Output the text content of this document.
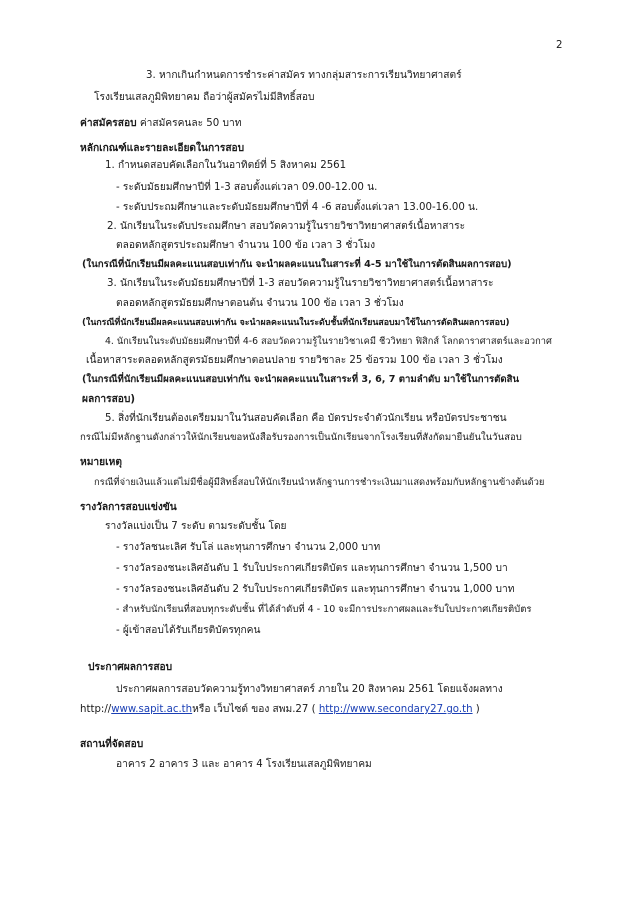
2
3. หากเกินกำหนดการชำระค่าสมัคร ทางกลุ่มสาระการเรียนวิทยาศาสตร์
โรงเรียนเสลภูมิพิทยาคม ถือว่าผู้สมัครไม่มีสิทธิ์สอบ
ค่าสมัครสอบ ค่าสมัครคนละ 50 บาท
หลักเกณฑ์และรายละเอียดในการสอบ
1. กำหนดสอบคัดเลือกในวันอาทิตย์ที่ 5 สิงหาคม 2561
- ระดับมัธยมศึกษาปีที่ 1-3 สอบตั้งแต่เวลา 09.00-12.00 น.
- ระดับประถมศึกษาและระดับมัธยมศึกษาปีที่ 4 -6 สอบตั้งแต่เวลา 13.00-16.00 น.
2. นักเรียนในระดับประถมศึกษา สอบวัดความรู้ในรายวิชาวิทยาศาสตร์เนื้อหาสาระ
ตลอดหลักสูตรประถมศึกษา จำนวน 100 ข้อ เวลา 3 ชั่วโมง
(ในกรณีที่นักเรียนมีผลคะแนนสอบเท่ากัน จะนำผลคะแนนในสาระที่ 4-5 มาใช้ในการตัดสินผลการสอบ)
3. นักเรียนในระดับมัธยมศึกษาปีที่ 1-3 สอบวัดความรู้ในรายวิชาวิทยาศาสตร์เนื้อหาสาระ
ตลอดหลักสูตรมัธยมศึกษาตอนต้น จำนวน 100 ข้อ เวลา 3 ชั่วโมง
(ในกรณีที่นักเรียนมีผลคะแนนสอบเท่ากัน จะนำผลคะแนนในระดับชั้นที่นักเรียนสอบมาใช้ในการตัดสินผลการสอบ)
4. นักเรียนในระดับมัธยมศึกษาปีที่ 4-6 สอบวัดความรู้ในรายวิชาเคมี ชีววิทยา ฟิสิกส์ โลกดาราศาสตร์และอวกาศ
เนื้อหาสาระตลอดหลักสูตรมัธยมศึกษาตอนปลาย รายวิชาละ 25 ข้อรวม 100 ข้อ เวลา 3 ชั่วโมง
(ในกรณีที่นักเรียนมีผลคะแนนสอบเท่ากัน จะนำผลคะแนนในสาระที่ 3, 6, 7 ตามลำดับ มาใช้ในการตัดสิน
ผลการสอบ)
5. สิ่งที่นักเรียนต้องเตรียมมาในวันสอบคัดเลือก คือ บัตรประจำตัวนักเรียน หรือบัตรประชาชน
กรณีไม่มีหลักฐานดังกล่าวให้นักเรียนขอหนังสือรับรองการเป็นนักเรียนจากโรงเรียนที่สังกัดมายืนยันในวันสอบ
หมายเหตุ
กรณีที่จ่ายเงินแล้วแต่ไม่มีชื่อผู้มีสิทธิ์สอบให้นักเรียนนำหลักฐานการชำระเงินมาแสดงพร้อมกับหลักฐานข้างต้นด้วย
รางวัลการสอบแข่งขัน
รางวัลแบ่งเป็น 7 ระดับ ตามระดับชั้น โดย
- รางวัลชนะเลิศ รับโล่ และทุนการศึกษา จำนวน 2,000 บาท
- รางวัลรองชนะเลิศอันดับ 1 รับใบประกาศเกียรติบัตร และทุนการศึกษา จำนวน 1,500 บา
- รางวัลรองชนะเลิศอันดับ 2 รับใบประกาศเกียรติบัตร และทุนการศึกษา จำนวน 1,000 บาท
- สำหรับนักเรียนที่สอบทุกระดับชั้น ที่ได้ลำดับที่ 4 - 10 จะมีการประกาศผลและรับใบประกาศเกียรติบัตร
- ผู้เข้าสอบได้รับเกียรติบัตรทุกคน
ประกาศผลการสอบ
ประกาศผลการสอบวัดความรู้ทางวิทยาศาสตร์ ภายใน 20 สิงหาคม 2561 โดยแจ้งผลทาง
http://www.sapit.ac.thหรือ เว็บไซต์ ของ สพม.27 ( http://www.secondary27.go.th )
สถานที่จัดสอบ
อาคาร 2 อาคาร 3 และ อาคาร 4 โรงเรียนเสลภูมิพิทยาคม
